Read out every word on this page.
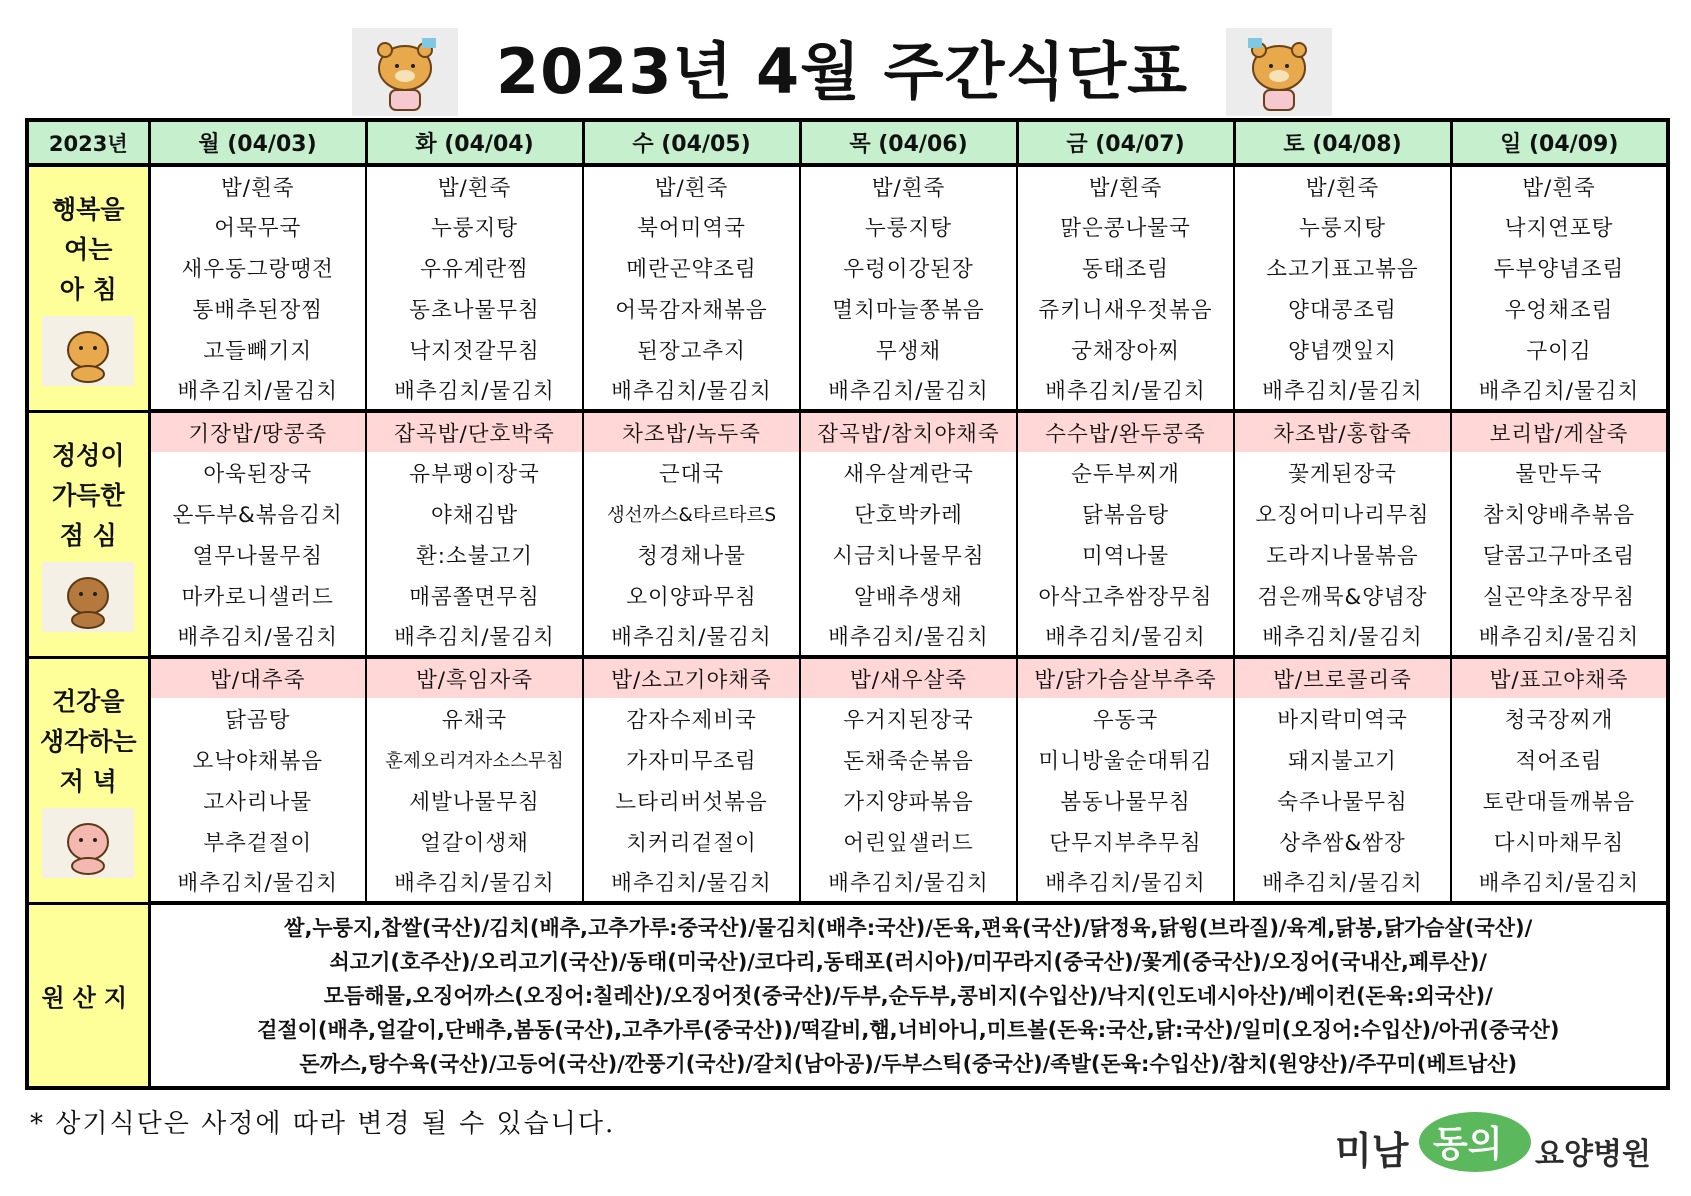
2023년 4월 주간식단표
2023년	월 (04/03)	화 (04/04)	수 (04/05)	목 (04/06)	금 (04/07)	토 (04/08)	일 (04/09)

행복을
여는
아 침	밥/흰죽	밥/흰죽	밥/흰죽	밥/흰죽	밥/흰죽	밥/흰죽	밥/흰죽
	어묵무국	누룽지탕	북어미역국	누룽지탕	맑은콩나물국	누룽지탕	낙지연포탕
	새우동그랑땡전	우유계란찜	메란곤약조림	우렁이강된장	동태조림	소고기표고볶음	두부양념조림
	통배추된장찜	동초나물무침	어묵감자채볶음	멸치마늘쫑볶음	쥬키니새우젓볶음	양대콩조림	우엉채조림
	고들빼기지	낙지젓갈무침	된장고추지	무생채	궁채장아찌	양념깻잎지	구이김
	배추김치/물김치	배추김치/물김치	배추김치/물김치	배추김치/물김치	배추김치/물김치	배추김치/물김치	배추김치/물김치

정성이
가득한
점 심	기장밥/땅콩죽	잡곡밥/단호박죽	차조밥/녹두죽	잡곡밥/참치야채죽	수수밥/완두콩죽	차조밥/홍합죽	보리밥/게살죽
	아욱된장국	유부팽이장국	근대국	새우살계란국	순두부찌개	꽃게된장국	물만두국
	온두부&볶음김치	야채김밥	생선까스&타르타르S	단호박카레	닭볶음탕	오징어미나리무침	참치양배추볶음
	열무나물무침	환:소불고기	청경채나물	시금치나물무침	미역나물	도라지나물볶음	달콤고구마조림
	마카로니샐러드	매콤쫄면무침	오이양파무침	알배추생채	아삭고추쌈장무침	검은깨묵&양념장	실곤약초장무침
	배추김치/물김치	배추김치/물김치	배추김치/물김치	배추김치/물김치	배추김치/물김치	배추김치/물김치	배추김치/물김치

건강을
생각하는
저 녁	밥/대추죽	밥/흑임자죽	밥/소고기야채죽	밥/새우살죽	밥/닭가슴살부추죽	밥/브로콜리죽	밥/표고야채죽
	닭곰탕	유채국	감자수제비국	우거지된장국	우동국	바지락미역국	청국장찌개
	오낙야채볶음	훈제오리겨자소스무침	가자미무조림	돈채죽순볶음	미니방울순대튀김	돼지불고기	적어조림
	고사리나물	세발나물무침	느타리버섯볶음	가지양파볶음	봄동나물무침	숙주나물무침	토란대들깨볶음
	부추겉절이	얼갈이생채	치커리겉절이	어린잎샐러드	단무지부추무침	상추쌈&쌈장	다시마채무침
	배추김치/물김치	배추김치/물김치	배추김치/물김치	배추김치/물김치	배추김치/물김치	배추김치/물김치	배추김치/물김치
원산지	쌀,누룽지,찹쌀(국산)/김치(배추,고추가루:중국산)/물김치(배추:국산)/돈육,편육(국산)/닭정육,닭윙(브라질)/육계,닭봉,닭가슴살(국산)/
쇠고기(호주산)/오리고기(국산)/동태(미국산)/코다리,동태포(러시아)/미꾸라지(중국산)/꽃게(중국산)/오징어(국내산,페루산)/
모듬해물,오징어까스(오징어:칠레산)/오징어젓(중국산)/두부,순두부,콩비지(수입산)/낙지(인도네시아산)/베이컨(돈육:외국산)/
겉절이(배추,얼갈이,단배추,봄동(국산),고추가루(중국산))/떡갈비,햄,너비아니,미트볼(돈육:국산,닭:국산)/일미(오징어:수입산)/아귀(중국산)
돈까스,탕수육(국산)/고등어(국산)/깐풍기(국산)/갈치(남아공)/두부스틱(중국산)/족발(돈육:수입산)/참치(원양산)/주꾸미(베트남산)						
* 상기식단은 사정에 따라 변경 될 수 있습니다.
미남 동의 요양병원
